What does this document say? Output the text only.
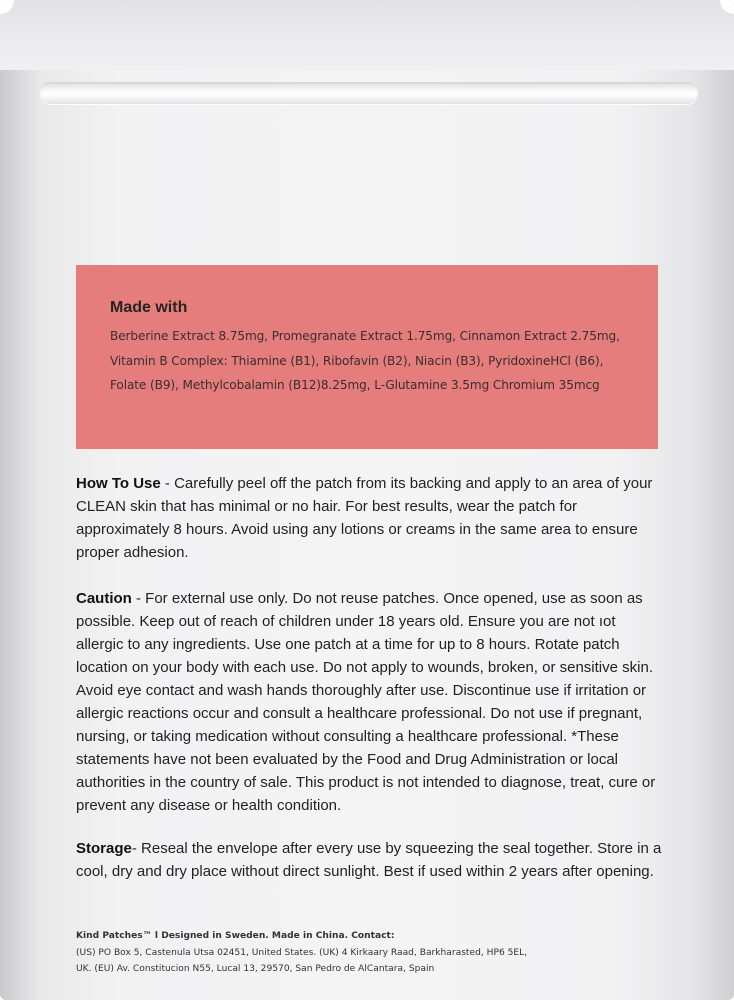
Made with
Berberine Extract 8.75mg, Promegranate Extract 1.75mg, Cinnamon Extract 2.75mg, Vitamin B Complex: Thiamine (B1), Ribofavin (B2), Niacin (B3), PyridoxineHCl (B6), Folate (B9), Methylcobalamin (B12)8.25mg, L-Glutamine 3.5mg Chromium 35mcg
How To Use - Carefully peel off the patch from its backing and apply to an area of your CLEAN skin that has minimal or no hair. For best results, wear the patch for approximately 8 hours. Avoid using any lotions or creams in the same area to ensure proper adhesion.
Caution - For external use only. Do not reuse patches. Once opened, use as soon as possible. Keep out of reach of children under 18 years old. Ensure you are not ıot allergic to any ingredients. Use one patch at a time for up to 8 hours. Rotate patch location on your body with each use. Do not apply to wounds, broken, or sensitive skin. Avoid eye contact and wash hands thoroughly after use. Discontinue use if irritation or allergic reactions occur and consult a healthcare professional. Do not use if pregnant, nursing, or taking medication without consulting a healthcare professional. *These statements have not been evaluated by the Food and Drug Administration or local authorities in the country of sale. This product is not intended to diagnose, treat, cure or prevent any disease or health condition.
Storage- Reseal the envelope after every use by squeezing the seal together. Store in a cool, dry and dry place without direct sunlight. Best if used within 2 years after opening.
Kind Patches™ l Designed in Sweden. Made in China. Contact:
(US) PO Box 5, Castenula Utsa 02451, United States. (UK) 4 Kirkaary Raad, Barkharasted, HP6 5EL,
UK. (EU) Av. Constitucion N55, Lucal 13, 29570, San Pedro de AlCantara, Spain
